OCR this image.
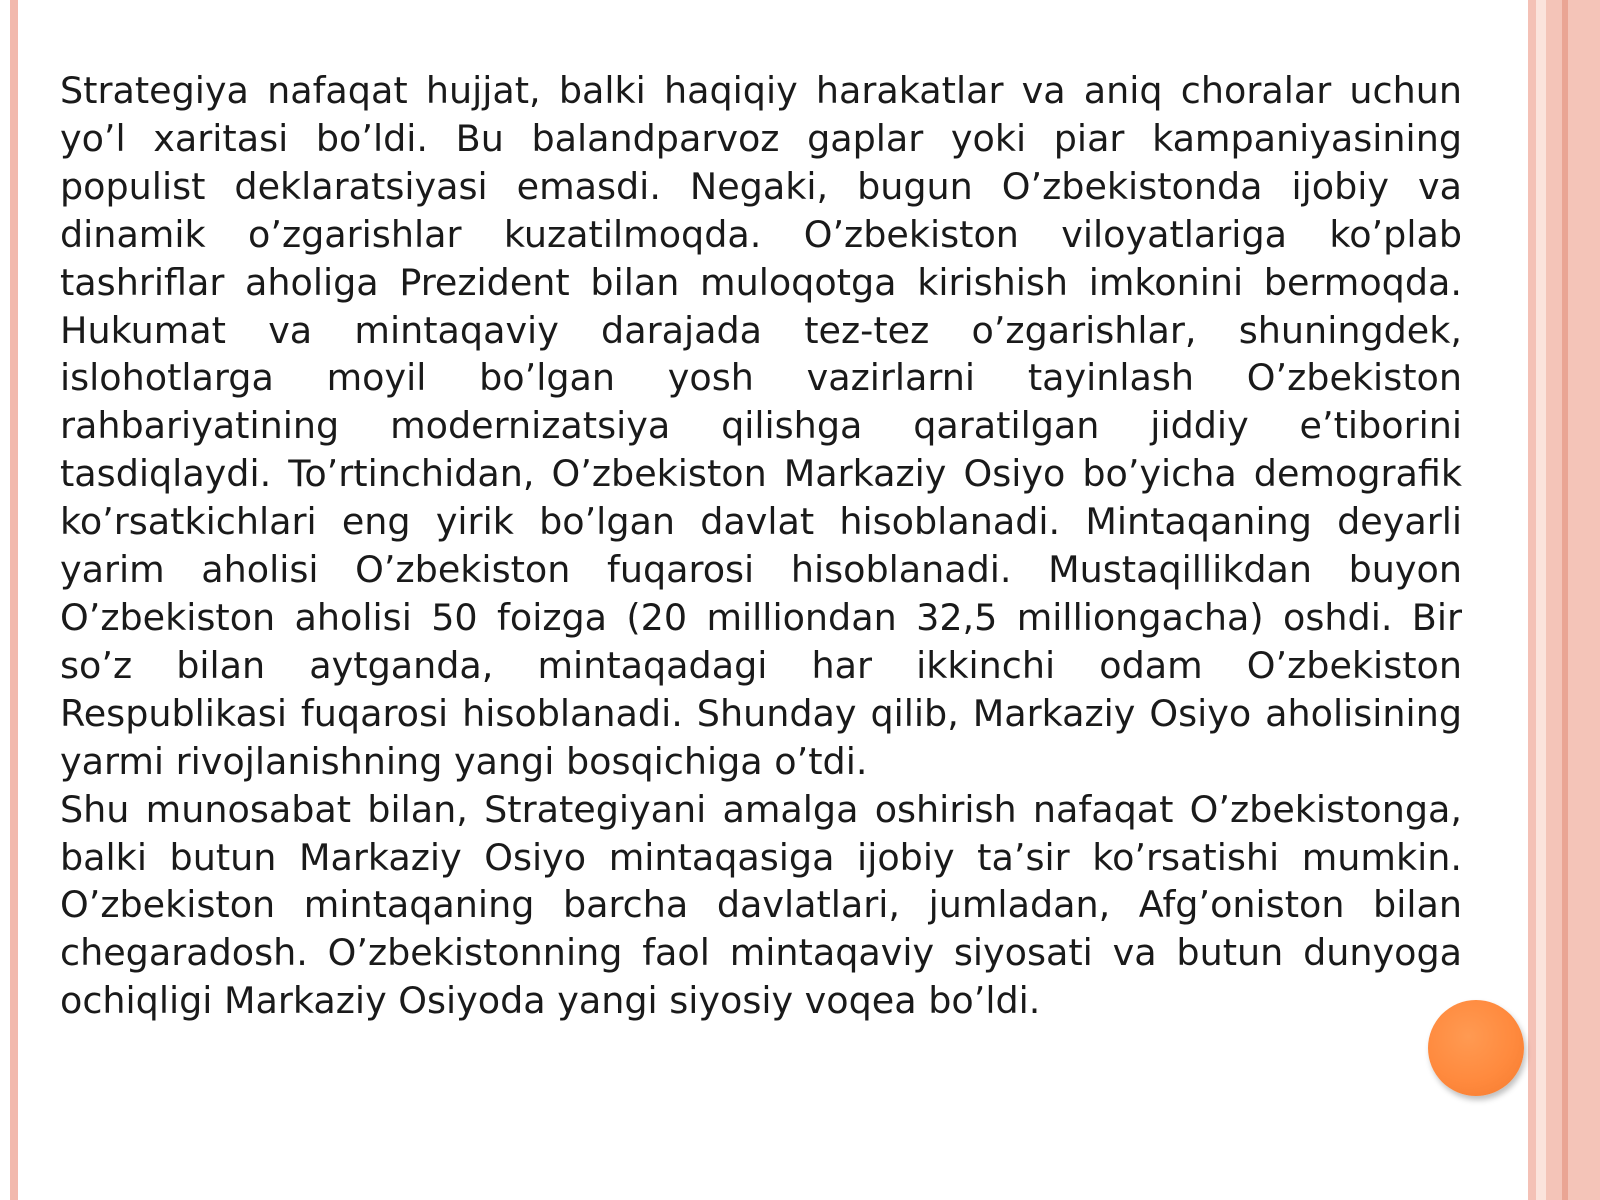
Strategiya nafaqat hujjat, balki haqiqiy harakatlar va aniq choralar uchun yo’l xaritasi bo’ldi. Bu balandparvoz gaplar yoki piar kampaniyasining populist deklaratsiyasi emasdi. Negaki, bugun O’zbekistonda ijobiy va dinamik o’zgarishlar kuzatilmoqda. O’zbekiston viloyatlariga ko’plab tashriflar aholiga Prezident bilan muloqotga kirishish imkonini bermoqda. Hukumat va mintaqaviy darajada tez-tez o’zgarishlar, shuningdek, islohotlarga moyil bo’lgan yosh vazirlarni tayinlash O’zbekiston rahbariyatining modernizatsiya qilishga qaratilgan jiddiy e’tiborini tasdiqlaydi. To’rtinchidan, O’zbekiston Markaziy Osiyo bo’yicha demografik ko’rsatkichlari eng yirik bo’lgan davlat hisoblanadi. Mintaqaning deyarli yarim aholisi O’zbekiston fuqarosi hisoblanadi. Mustaqillikdan buyon O’zbekiston aholisi 50 foizga (20 milliondan 32,5 milliongacha) oshdi. Bir so’z bilan aytganda, mintaqadagi har ikkinchi odam O’zbekiston Respublikasi fuqarosi hisoblanadi. Shunday qilib, Markaziy Osiyo aholisining yarmi rivojlanishning yangi bosqichiga o’tdi.

Shu munosabat bilan, Strategiyani amalga oshirish nafaqat O’zbekistonga, balki butun Markaziy Osiyo mintaqasiga ijobiy ta’sir ko’rsatishi mumkin. O’zbekiston mintaqaning barcha davlatlari, jumladan, Afg’oniston bilan chegaradosh. O’zbekistonning faol mintaqaviy siyosati va butun dunyoga ochiqligi Markaziy Osiyoda yangi siyosiy voqea bo’ldi.
